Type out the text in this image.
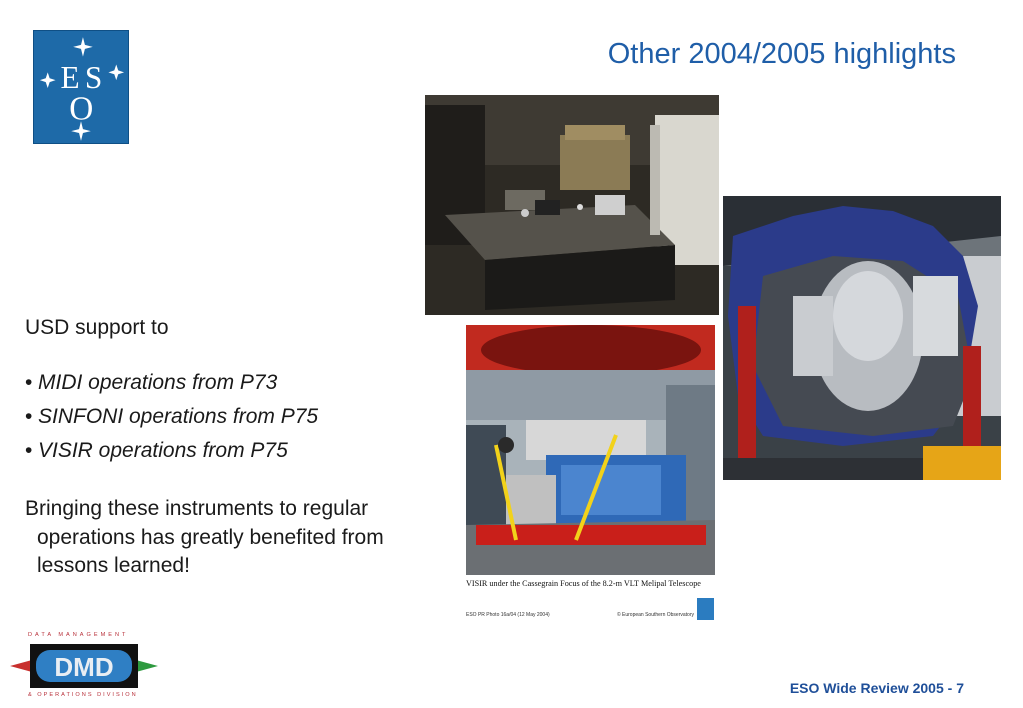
E S
O
Other 2004/2005 highlights
VISIR under the Cassegrain Focus of the 8.2-m VLT Melipal Telescope
ESO PR Photo 16a/04 (12 May 2004)	© European Southern Observatory
USD support to
• MIDI operations from P73
• SINFONI operations from P75
• VISIR operations from P75
Bringing these instruments to regular
operations has greatly benefited from
lessons learned!
DATA MANAGEMENT
DMD
& OPERATIONS DIVISION	ESO Wide Review 2005 - 7
